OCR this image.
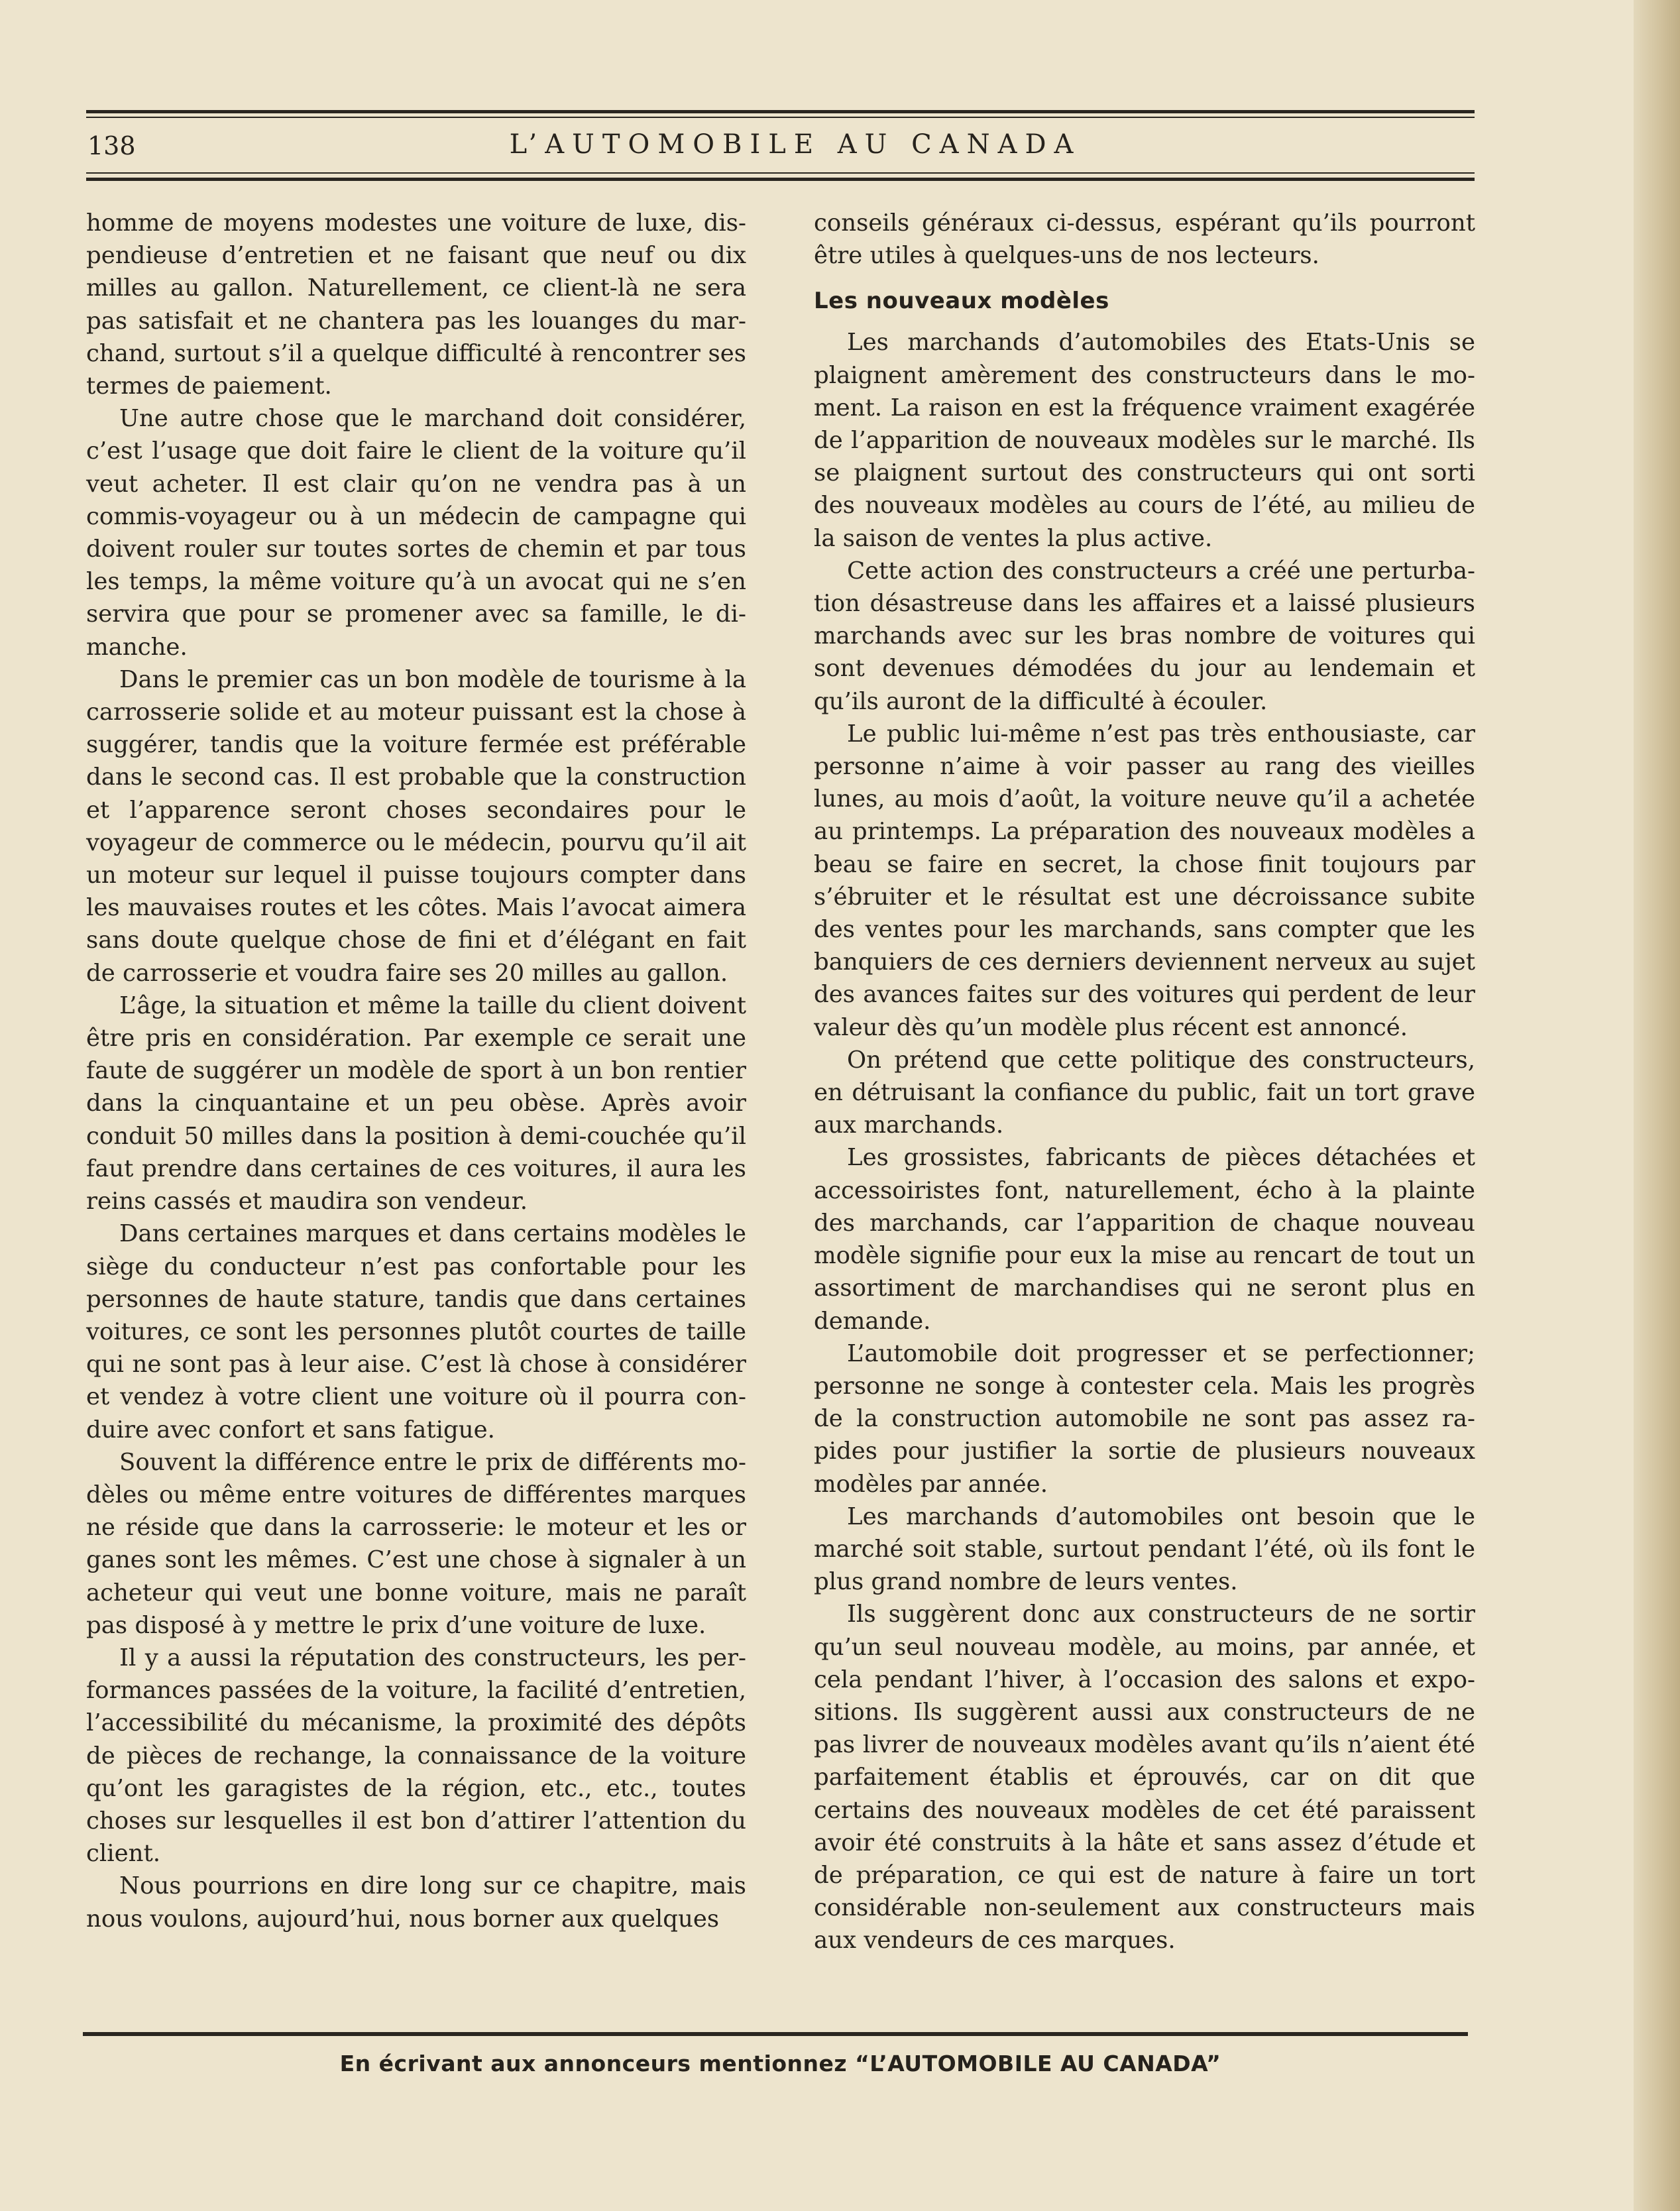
138	L’AUTOMOBILE AU CANADA

homme de moyens modestes une voiture de luxe, dispendieuse d’entretien et ne faisant que neuf ou dix milles au gallon. Naturellement, ce client-là ne sera pas satisfait et ne chantera pas les louanges du marchand, surtout s’il a quelque difficulté à rencontrer ses termes de paiement.

Une autre chose que le marchand doit considérer, c’est l’usage que doit faire le client de la voiture qu’il veut acheter. Il est clair qu’on ne vendra pas à un commis-voyageur ou à un médecin de campagne qui doivent rouler sur toutes sortes de chemin et par tous les temps, la même voiture qu’à un avocat qui ne s’en servira que pour se promener avec sa famille, le dimanche.

Dans le premier cas un bon modèle de tourisme à la carrosserie solide et au moteur puissant est la chose à suggérer, tandis que la voiture fermée est préférable dans le second cas. Il est probable que la construction et l’apparence seront choses secondaires pour le voyageur de commerce ou le médecin, pourvu qu’il ait un moteur sur lequel il puisse toujours compter dans les mauvaises routes et les côtes. Mais l’avocat aimera sans doute quelque chose de fini et d’élégant en fait de carrosserie et voudra faire ses 20 milles au gallon.

L’âge, la situation et même la taille du client doivent être pris en considération. Par exemple ce serait une faute de suggérer un modèle de sport à un bon rentier dans la cinquantaine et un peu obèse. Après avoir conduit 50 milles dans la position à demi-couchée qu’il faut prendre dans certaines de ces voitures, il aura les reins cassés et maudira son vendeur.

Dans certaines marques et dans certains modèles le siège du conducteur n’est pas confortable pour les personnes de haute stature, tandis que dans certaines voitures, ce sont les personnes plutôt courtes de taille qui ne sont pas à leur aise. C’est là chose à considérer et vendez à votre client une voiture où il pourra conduire avec confort et sans fatigue.

Souvent la différence entre le prix de différents modèles ou même entre voitures de différentes marques ne réside que dans la carrosserie: le moteur et les or ganes sont les mêmes. C’est une chose à signaler à un acheteur qui veut une bonne voiture, mais ne paraît pas disposé à y mettre le prix d’une voiture de luxe.

Il y a aussi la réputation des constructeurs, les performances passées de la voiture, la facilité d’entretien, l’accessibilité du mécanisme, la proximité des dépôts de pièces de rechange, la connaissance de la voiture qu’ont les garagistes de la région, etc., etc., toutes choses sur lesquelles il est bon d’attirer l’attention du client.

Nous pourrions en dire long sur ce chapitre, mais nous voulons, aujourd’hui, nous borner aux quelques

conseils généraux ci-dessus, espérant qu’ils pourront être utiles à quelques-uns de nos lecteurs.

Les nouveaux modèles

Les marchands d’automobiles des Etats-Unis se plaignent amèrement des constructeurs dans le moment. La raison en est la fréquence vraiment exagérée de l’apparition de nouveaux modèles sur le marché. Ils se plaignent surtout des constructeurs qui ont sorti des nouveaux modèles au cours de l’été, au milieu de la saison de ventes la plus active.

Cette action des constructeurs a créé une perturbation désastreuse dans les affaires et a laissé plusieurs marchands avec sur les bras nombre de voitures qui sont devenues démodées du jour au lendemain et qu’ils auront de la difficulté à écouler.

Le public lui-même n’est pas très enthousiaste, car personne n’aime à voir passer au rang des vieilles lunes, au mois d’août, la voiture neuve qu’il a achetée au printemps. La préparation des nouveaux modèles a beau se faire en secret, la chose finit toujours par s’ébruiter et le résultat est une décroissance subite des ventes pour les marchands, sans compter que les banquiers de ces derniers deviennent nerveux au sujet des avances faites sur des voitures qui perdent de leur valeur dès qu’un modèle plus récent est annoncé.

On prétend que cette politique des constructeurs, en détruisant la confiance du public, fait un tort grave aux marchands.

Les grossistes, fabricants de pièces détachées et accessoiristes font, naturellement, écho à la plainte des marchands, car l’apparition de chaque nouveau modèle signifie pour eux la mise au rencart de tout un assortiment de marchandises qui ne seront plus en demande.

L’automobile doit progresser et se perfectionner; personne ne songe à contester cela. Mais les progrès de la construction automobile ne sont pas assez rapides pour justifier la sortie de plusieurs nouveaux modèles par année.

Les marchands d’automobiles ont besoin que le marché soit stable, surtout pendant l’été, où ils font le plus grand nombre de leurs ventes.

Ils suggèrent donc aux constructeurs de ne sortir qu’un seul nouveau modèle, au moins, par année, et cela pendant l’hiver, à l’occasion des salons et expositions. Ils suggèrent aussi aux constructeurs de ne pas livrer de nouveaux modèles avant qu’ils n’aient été parfaitement établis et éprouvés, car on dit que certains des nouveaux modèles de cet été paraissent avoir été construits à la hâte et sans assez d’étude et de préparation, ce qui est de nature à faire un tort considérable non-seulement aux constructeurs mais aux vendeurs de ces marques.

En écrivant aux annonceurs mentionnez “L’AUTOMOBILE AU CANADA”
